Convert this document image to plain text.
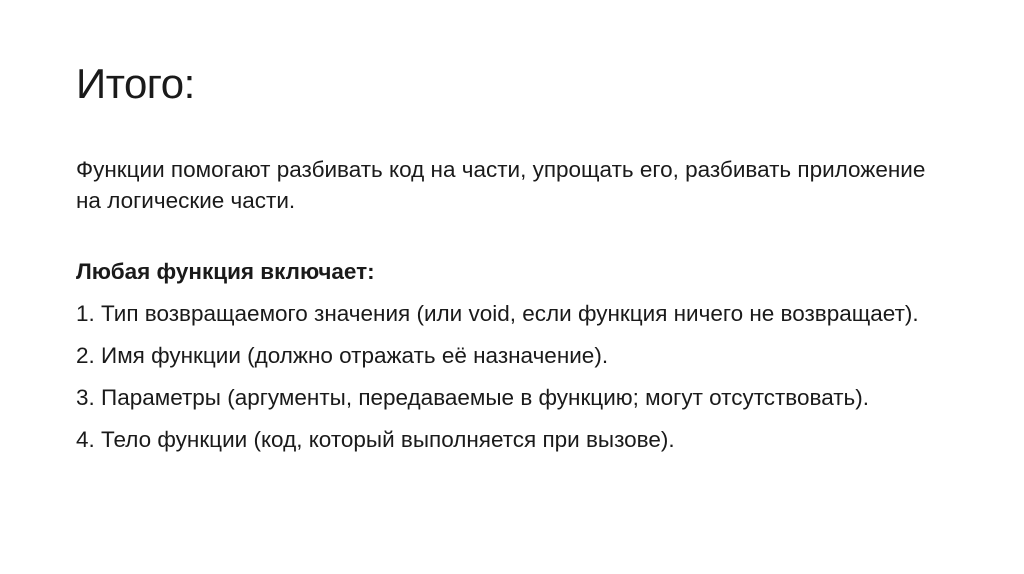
Итого:

Функции помогают разбивать код на части, упрощать его, разбивать приложение на логические части.

Любая функция включает:

1. Тип возвращаемого значения (или void, если функция ничего не возвращает).

2. Имя функции (должно отражать её назначение).

3. Параметры (аргументы, передаваемые в функцию; могут отсутствовать).

4. Тело функции (код, который выполняется при вызове).
